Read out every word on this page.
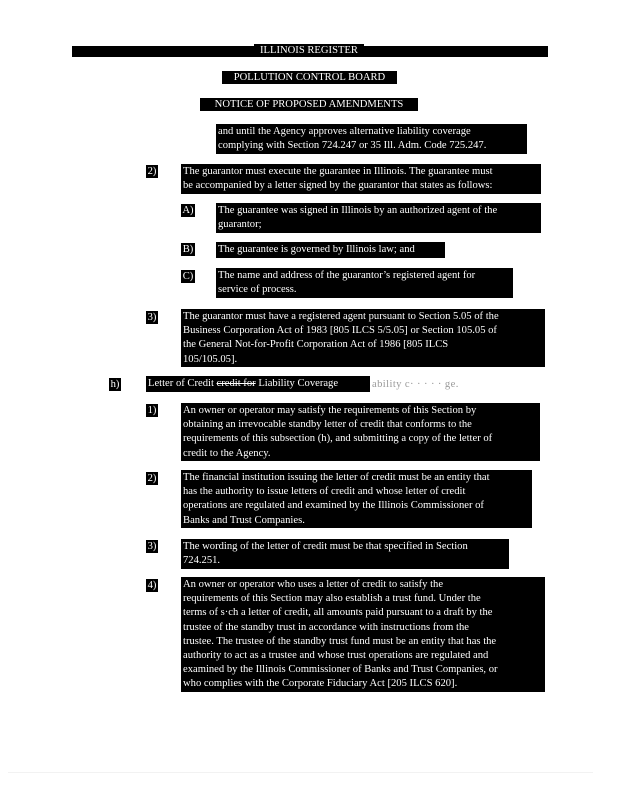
ILLINOIS REGISTER
POLLUTION CONTROL BOARD
NOTICE OF PROPOSED AMENDMENTS
and until the Agency approves alternative liability coverage
complying with Section 724.247 or 35 Ill. Adm. Code 725.247.
2)	The guarantor must execute the guarantee in Illinois. The guarantee must
be accompanied by a letter signed by the guarantor that states as follows:
A) The guarantee was signed in Illinois by an authorized agent of the
guarantor;
B) The guarantee is governed by Illinois law; and
C) The name and address of the guarantor’s registered agent for
service of process.
3)	The guarantor must have a registered agent pursuant to Section 5.05 of the
Business Corporation Act of 1983 [805 ILCS 5/5.05] or Section 105.05 of
the General Not-for-Profit Corporation Act of 1986 [805 ILCS
105/105.05].
h)	Letter of Credit credit for Liability Coverage	ability c· · · · · ge.
1)	An owner or operator may satisfy the requirements of this Section by
obtaining an irrevocable standby letter of credit that conforms to the
requirements of this subsection (h), and submitting a copy of the letter of
credit to the Agency.
2)	The financial institution issuing the letter of credit must be an entity that
has the authority to issue letters of credit and whose letter of credit
operations are regulated and examined by the Illinois Commissioner of
Banks and Trust Companies.
3)	The wording of the letter of credit must be that specified in Section
724.251.
4)	An owner or operator who uses a letter of credit to satisfy the
requirements of this Section may also establish a trust fund. Under the
terms of s·ch a letter of credit, all amounts paid pursuant to a draft by the
trustee of the standby trust in accordance with instructions from the
trustee. The trustee of the standby trust fund must be an entity that has the
authority to act as a trustee and whose trust operations are regulated and
examined by the Illinois Commissioner of Banks and Trust Companies, or
who complies with the Corporate Fiduciary Act [205 ILCS 620].
